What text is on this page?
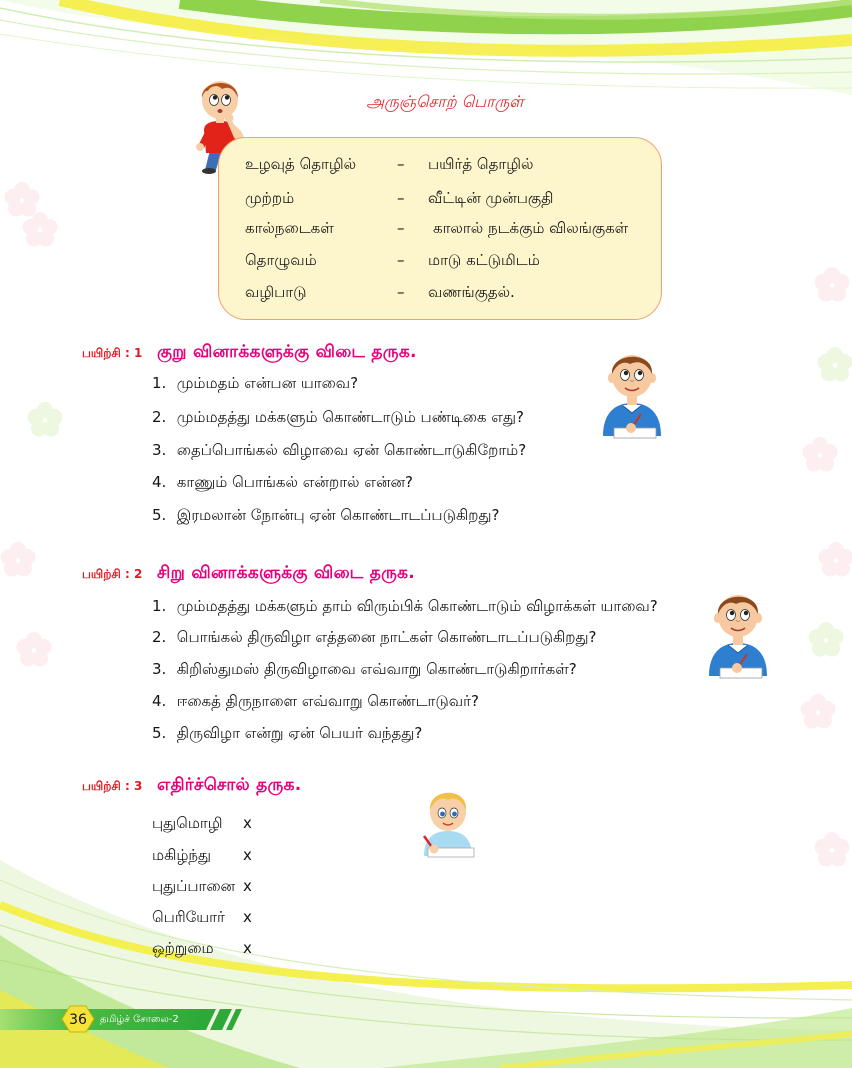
அருஞ்சொற் பொருள்
உழவுத் தொழில்	– பயிர்த் தொழில்
முற்றம்	– வீட்டின் முன்பகுதி
கால்நடைகள்	– காலால் நடக்கும் விலங்குகள்
தொழுவம்	– மாடு கட்டுமிடம்
வழிபாடு	– வணங்குதல்.
பயிற்சி : 1 குறு வினாக்களுக்கு விடை தருக.
1. மும்மதம் என்பன யாவை?
2. மும்மதத்து மக்களும் கொண்டாடும் பண்டிகை எது?
3. தைப்பொங்கல் விழாவை ஏன் கொண்டாடுகிறோம்?
4. காணும் பொங்கல் என்றால் என்ன?
5. இரமலான் நோன்பு ஏன் கொண்டாடப்படுகிறது?
பயிற்சி : 2 சிறு வினாக்களுக்கு விடை தருக.
1. மும்மதத்து மக்களும் தாம் விரும்பிக் கொண்டாடும் விழாக்கள் யாவை?
2. பொங்கல் திருவிழா எத்தனை நாட்கள் கொண்டாடப்படுகிறது?
3. கிறிஸ்துமஸ் திருவிழாவை எவ்வாறு கொண்டாடுகிறார்கள்?
4. ஈகைத் திருநாளை எவ்வாறு கொண்டாடுவர்?
5. திருவிழா என்று ஏன் பெயர் வந்தது?
பயிற்சி : 3 எதிர்ச்சொல் தருக.
புதுமொழி x
மகிழ்ந்து x
புதுப்பானை x
பெரியோர் x
ஒற்றுமை x
36	தமிழ்ச் சோலை-2
